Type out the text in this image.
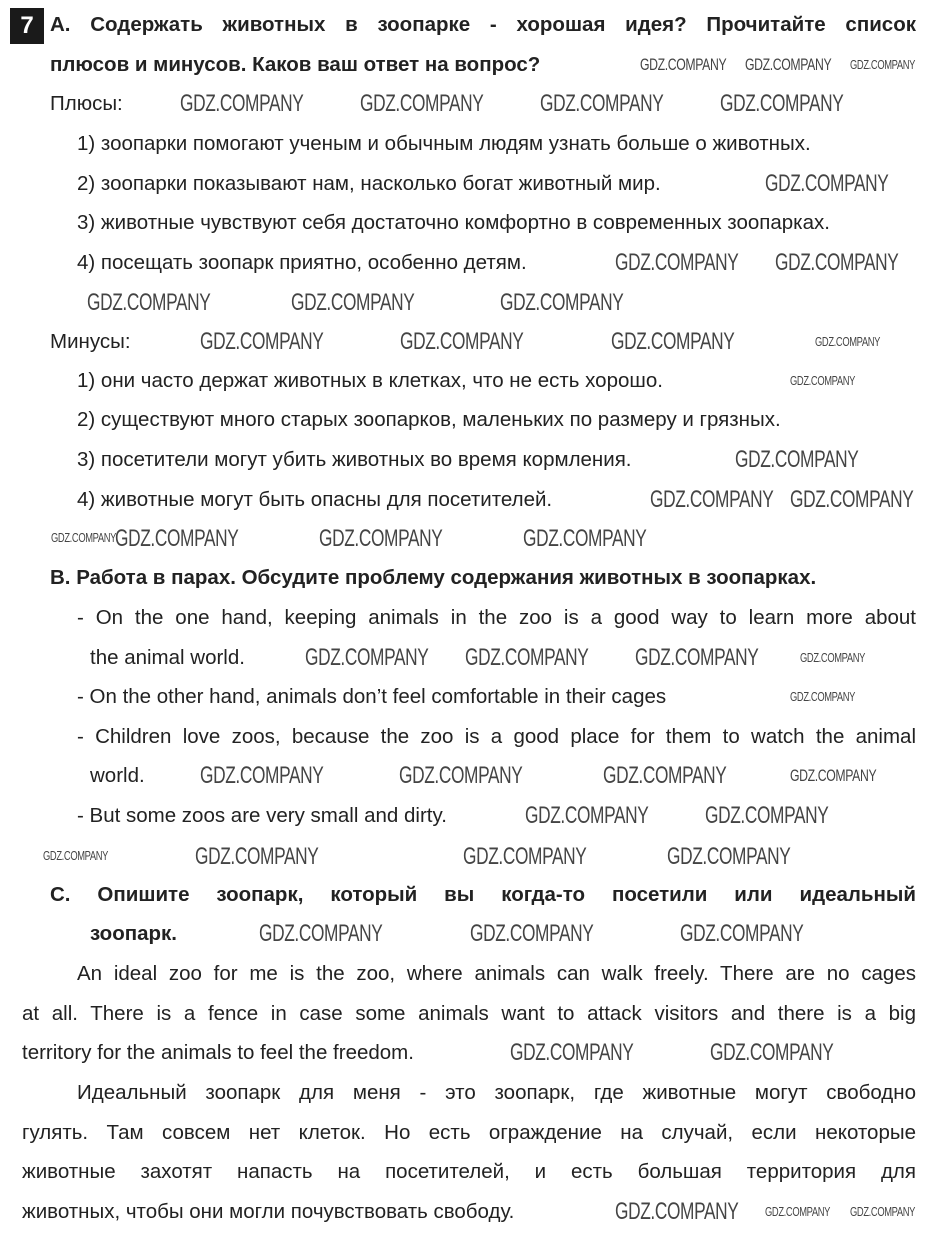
7 A. Содержать животных в зоопарке - хорошая идея? Прочитайте список
плюсов и минусов. Каков ваш ответ на вопрос?
Плюсы:
1) зоопарки помогают ученым и обычным людям узнать больше о животных.
2) зоопарки показывают нам, насколько богат животный мир.
3) животные чувствуют себя достаточно комфортно в современных зоопарках.
4) посещать зоопарк приятно, особенно детям.
Минусы:
1) они часто держат животных в клетках, что не есть хорошо.
2) существуют много старых зоопарков, маленьких по размеру и грязных.
3) посетители могут убить животных во время кормления.
4) животные могут быть опасны для посетителей.
B. Работа в парах. Обсудите проблему содержания животных в зоопарках.
- On the one hand, keeping animals in the zoo is a good way to learn more about
the animal world.
- On the other hand, animals don’t feel comfortable in their cages
- Children love zoos, because the zoo is a good place for them to watch the animal
world.
- But some zoos are very small and dirty.
C. Опишите зоопарк, который вы когда-то посетили или идеальный
зоопарк.
An ideal zoo for me is the zoo, where animals can walk freely. There are no cages
at all. There is a fence in case some animals want to attack visitors and there is a big
territory for the animals to feel the freedom.
Идеальный зоопарк для меня - это зоопарк, где животные могут свободно
гулять. Там совсем нет клеток. Но есть ограждение на случай, если некоторые
животные захотят напасть на посетителей, и есть большая территория для
животных, чтобы они могли почувствовать свободу.
GDZ.COMPANY GDZ.COMPANY GDZ.COMPANY
GDZ.COMPANY GDZ.COMPANY GDZ.COMPANY GDZ.COMPANY
GDZ.COMPANY
GDZ.COMPANY GDZ.COMPANY
GDZ.COMPANY	GDZ.COMPANY	GDZ.COMPANY
GDZ.COMPANY	GDZ.COMPANY	GDZ.COMPANY	GDZ.COMPANY
GDZ.COMPANY
GDZ.COMPANY
GDZ.COMPANY GDZ.COMPANY
GDZ.COMPANY
GDZ.COMPANY	GDZ.COMPANY	GDZ.COMPANY
GDZ.COMPANY GDZ.COMPANY GDZ.COMPANY	GDZ.COMPANY
GDZ.COMPANY
GDZ.COMPANY	GDZ.COMPANY	GDZ.COMPANY	GDZ.COMPANY
GDZ.COMPANY GDZ.COMPANY
GDZ.COMPANY	GDZ.COMPANY	GDZ.COMPANY	GDZ.COMPANY
GDZ.COMPANY	GDZ.COMPANY	GDZ.COMPANY
GDZ.COMPANY	GDZ.COMPANY
GDZ.COMPANY GDZ.COMPANY GDZ.COMPANY
